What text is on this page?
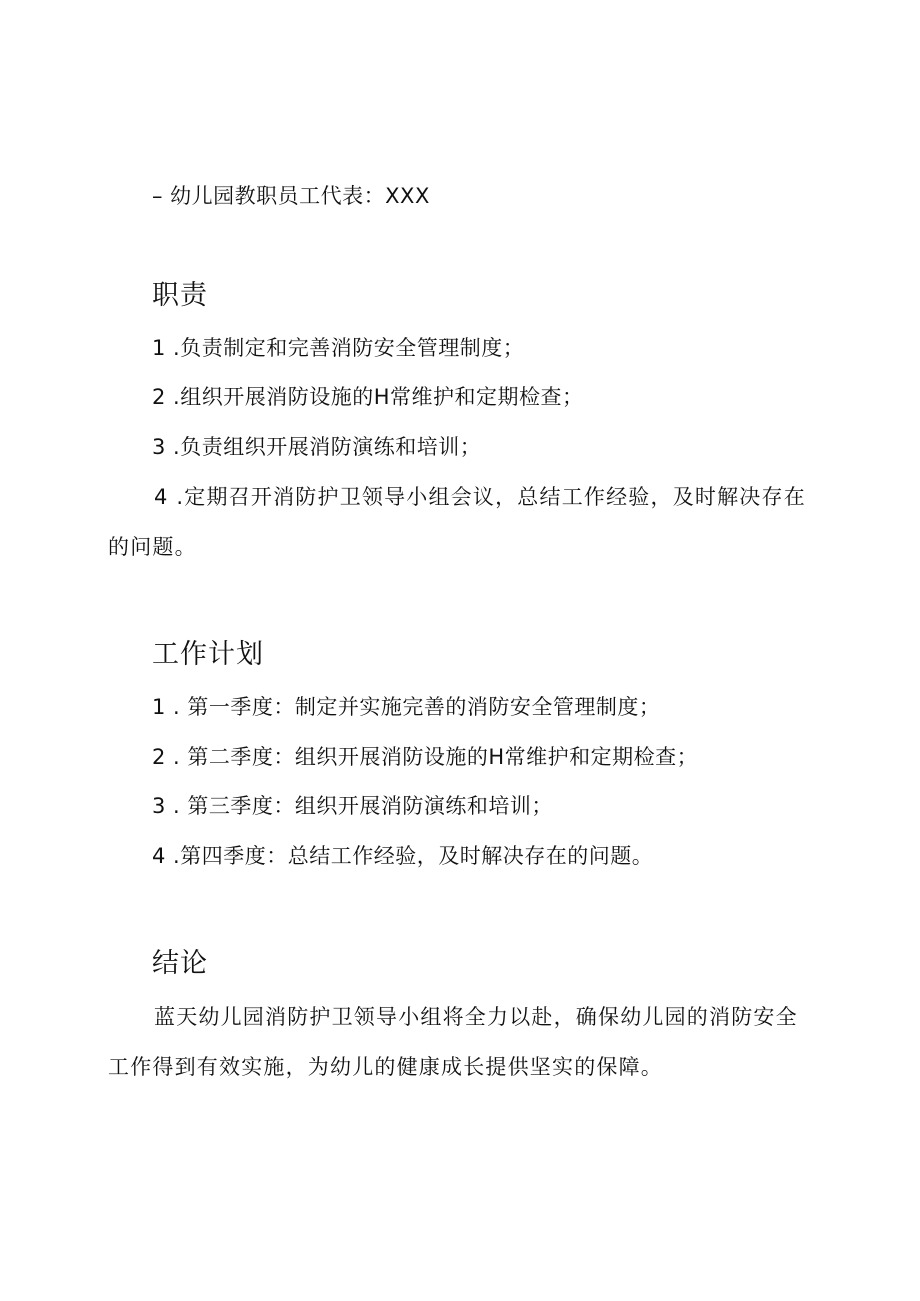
– 幼儿园教职员工代表：XXX
职责
1 .负责制定和完善消防安全管理制度；
2 .组织开展消防设施的H常维护和定期检查；
3 .负责组织开展消防演练和培训；
4 .定期召开消防护卫领导小组会议，总结工作经验，及时解决存在的问题。
工作计划
1 . 第一季度：制定并实施完善的消防安全管理制度；
2 . 第二季度：组织开展消防设施的H常维护和定期检查；
3 . 第三季度：组织开展消防演练和培训；
4 .第四季度：总结工作经验，及时解决存在的问题。
结论
蓝天幼儿园消防护卫领导小组将全力以赴，确保幼儿园的消防安全工作得到有效实施，为幼儿的健康成长提供坚实的保障。
